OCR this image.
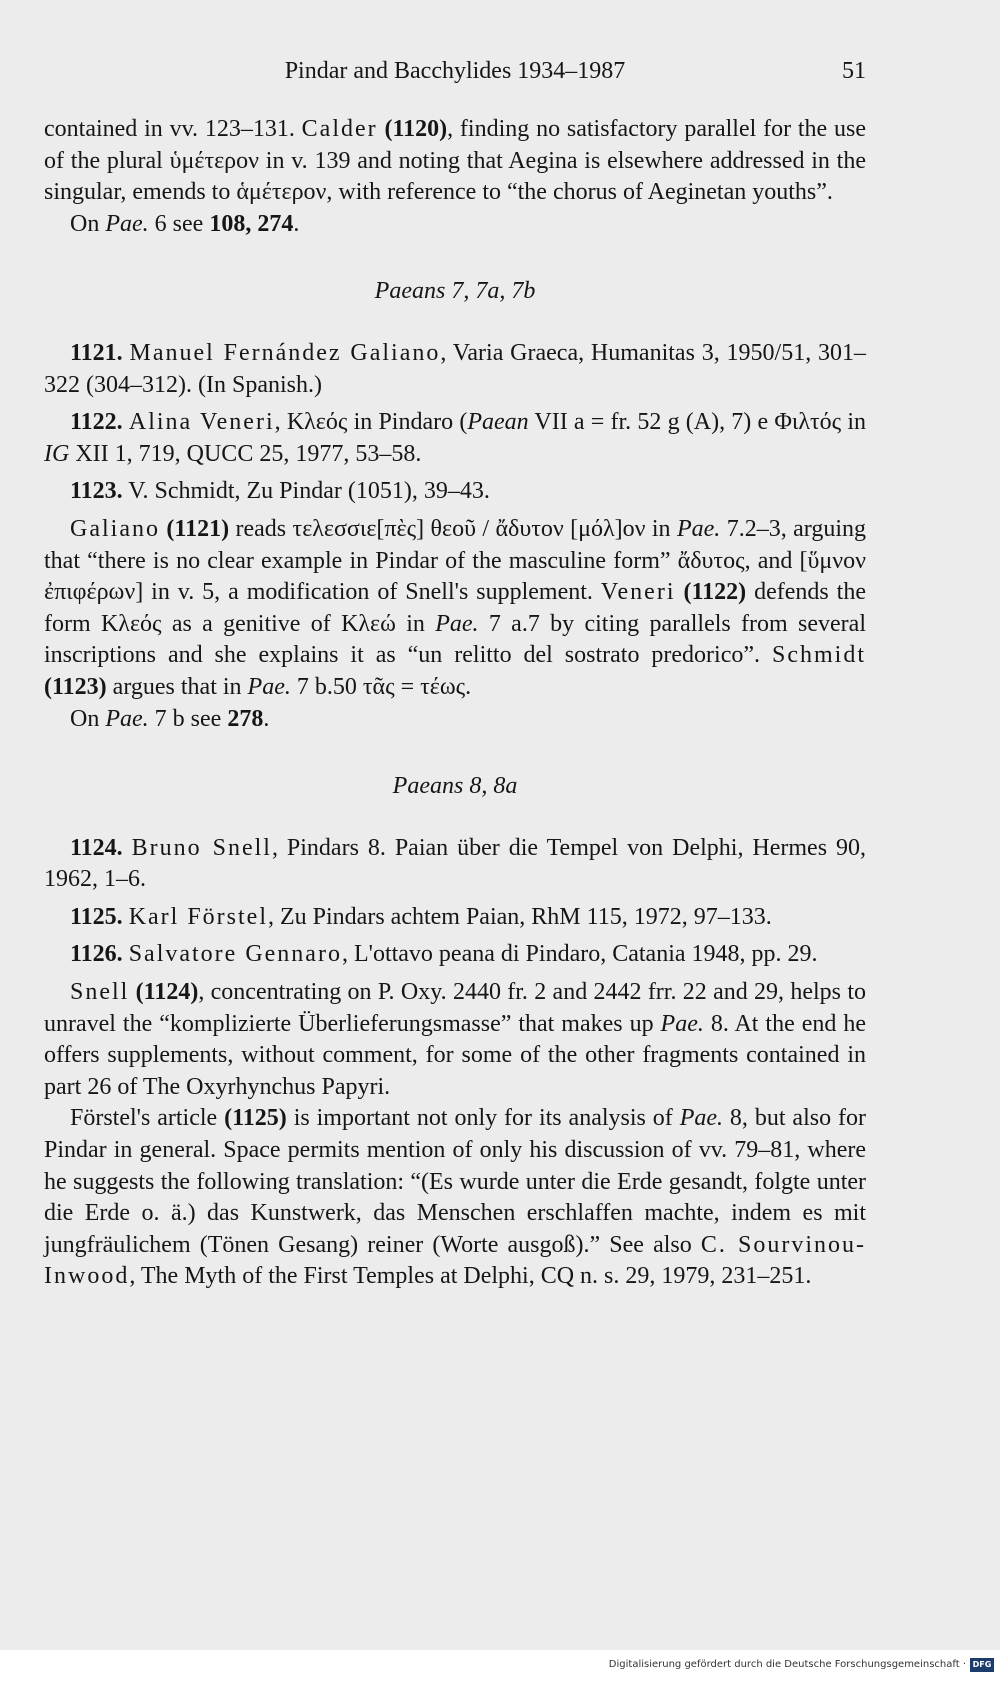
Pindar and Bacchylides 1934–1987	51

contained in vv. 123–131. Calder (1120), finding no satisfactory parallel for the use of the plural ὑμέτερον in v. 139 and noting that Aegina is elsewhere addressed in the singular, emends to ἁμέτερον, with reference to “the chorus of Aeginetan youths”.

On Pae. 6 see 108, 274.

Paeans 7, 7a, 7b

1121. Manuel Fernández Galiano, Varia Graeca, Humanitas 3, 1950/51, 301–322 (304–312). (In Spanish.)

1122. Alina Veneri, Κλεός in Pindaro (Paean VII a = fr. 52 g (A), 7) e Φιλτός in IG XII 1, 719, QUCC 25, 1977, 53–58.

1123. V. Schmidt, Zu Pindar (1051), 39–43.

Galiano (1121) reads τελεσσιε[πὲς] θεοῦ / ἄδυτον [μόλ]ον in Pae. 7.2–3, arguing that “there is no clear example in Pindar of the masculine form” ἄδυτος, and [ὕμνον ἐπιφέρων] in v. 5, a modification of Snell's supplement. Veneri (1122) defends the form Κλεός as a genitive of Κλεώ in Pae. 7 a.7 by citing parallels from several inscriptions and she explains it as “un relitto del sostrato predorico”. Schmidt (1123) argues that in Pae. 7 b.50 τᾶς = τέως.

On Pae. 7 b see 278.

Paeans 8, 8a

1124. Bruno Snell, Pindars 8. Paian über die Tempel von Delphi, Hermes 90, 1962, 1–6.

1125. Karl Förstel, Zu Pindars achtem Paian, RhM 115, 1972, 97–133.

1126. Salvatore Gennaro, L'ottavo peana di Pindaro, Catania 1948, pp. 29.

Snell (1124), concentrating on P. Oxy. 2440 fr. 2 and 2442 frr. 22 and 29, helps to unravel the “komplizierte Überlieferungsmasse” that makes up Pae. 8. At the end he offers supplements, without comment, for some of the other fragments contained in part 26 of The Oxyrhynchus Papyri.

Förstel's article (1125) is important not only for its analysis of Pae. 8, but also for Pindar in general. Space permits mention of only his discussion of vv. 79–81, where he suggests the following translation: “(Es wurde unter die Erde gesandt, folgte unter die Erde o. ä.) das Kunstwerk, das Menschen erschlaffen machte, indem es mit jungfräulichem (Tönen Gesang) reiner (Worte ausgoß).” See also C. Sourvinou-Inwood, The Myth of the First Temples at Delphi, CQ n. s. 29, 1979, 231–251.

Digitalisierung gefördert durch die Deutsche Forschungsgemeinschaft · DFG
